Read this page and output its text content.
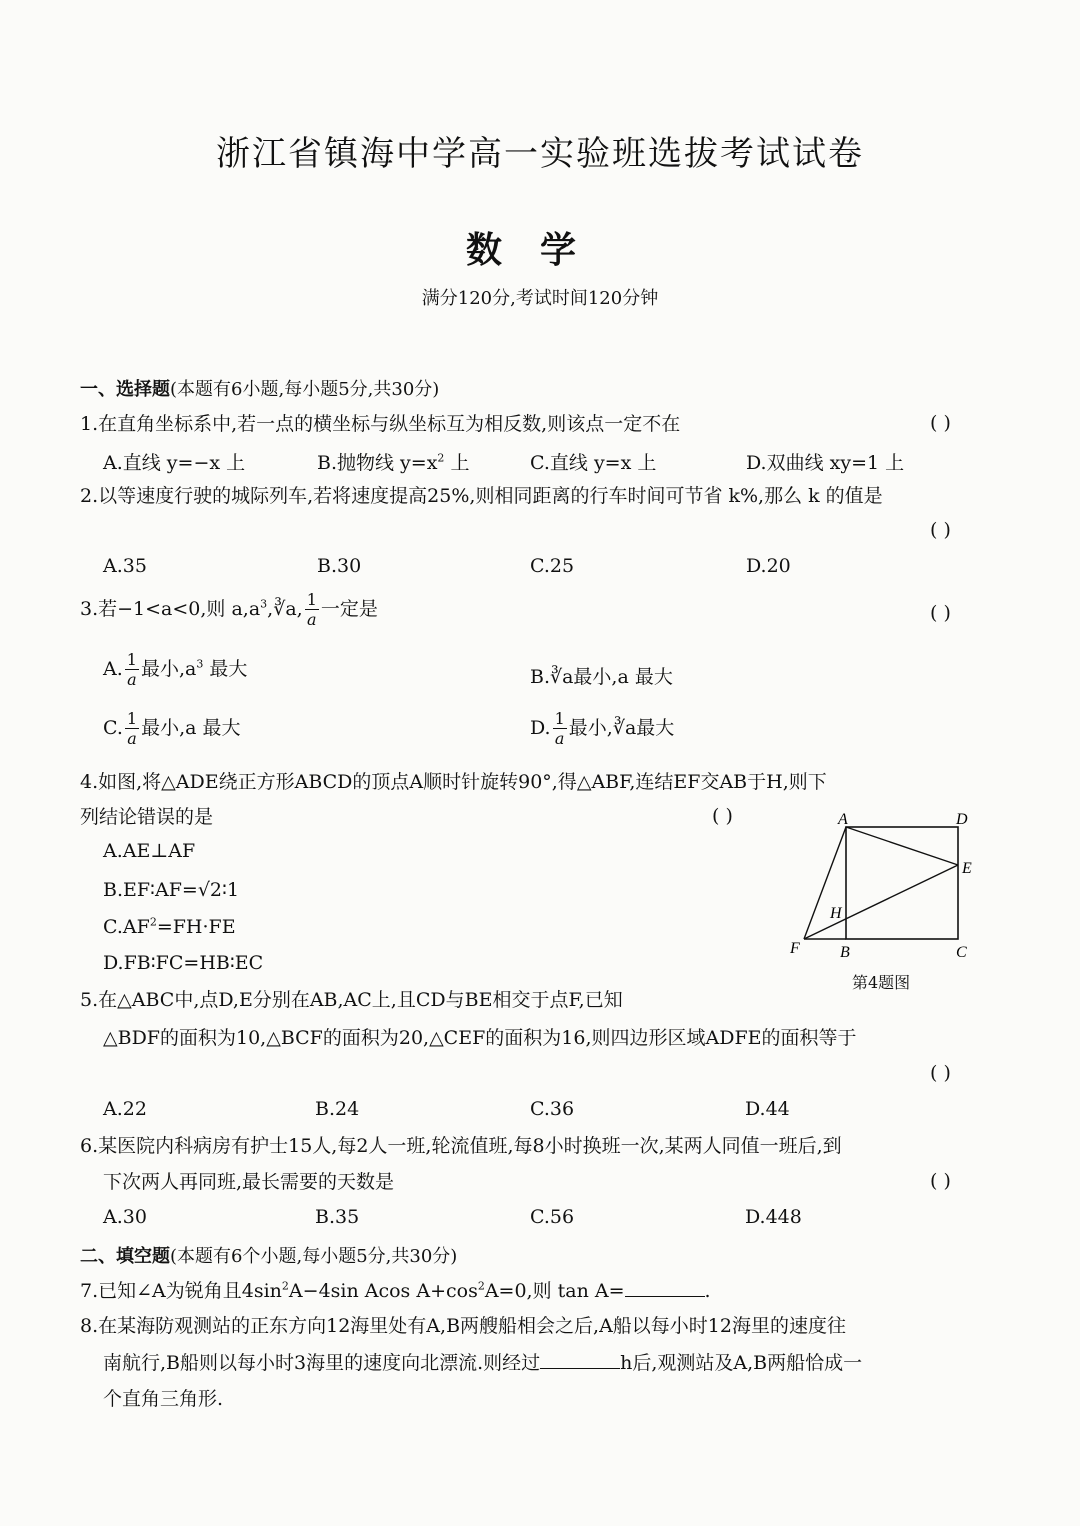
浙江省镇海中学高一实验班选拔考试试卷
数学
满分120分,考试时间120分钟
一、选择题(本题有6小题,每小题5分,共30分)
1.在直角坐标系中,若一点的横坐标与纵坐标互为相反数,则该点一定不在	( )
A.直线 y=−x 上	B.抛物线 $y=x^2$ 上	C.直线 y=x 上	D.双曲线 xy=1 上
2.以等速度行驶的城际列车,若将速度提高25%,则相同距离的行车时间可节省 k%,那么 k 的值是
( )
A.35	B.30	C.25	D.20
3.若−1<a<0,则 $a,a^3,∛a$, $\frac{1}{a}$ 一定是	( )
A. $\frac{1}{a}$ 最小$,a^3$ 最大	B.∛a最小,a 最大
C. $\frac{1}{a}$ 最小,a 最大	D. $\frac{1}{a}$ 最小,∛a最大
4.如图,将△ADE绕正方形ABCD的顶点A顺时针旋转90°,得△ABF,连结EF交AB于H,则下
列结论错误的是	( )
A.AE⊥AF
B.EF∶AF=√2∶1
$C.AF^2=FH\cdot FE$
D.FB∶FC=HB∶EC
A	D
E
H
F	B	C
第4题图
5.在△ABC中,点D,E分别在AB,AC上,且CD与BE相交于点F,已知
△BDF的面积为10,△BCF的面积为20,△CEF的面积为16,则四边形区域ADFE的面积等于
( )
A.22	B.24	C.36	D.44
6.某医院内科病房有护士15人,每2人一班,轮流值班,每8小时换班一次,某两人同值一班后,到
下次两人再同班,最长需要的天数是	( )
A.30	B.35	C.56	D.448
二、填空题(本题有6个小题,每小题5分,共30分)
7.已知∠A为锐角且$4\sin^2A-4\sin$ Acos $A+\cos^2A=0$,则 tan A=	.
8.在某海防观测站的正东方向12海里处有A,B两艘船相会之后,A船以每小时12海里的速度往
南航行,B船则以每小时3海里的速度向北漂流.则经过	h后,观测站及A,B两船恰成一
个直角三角形.
